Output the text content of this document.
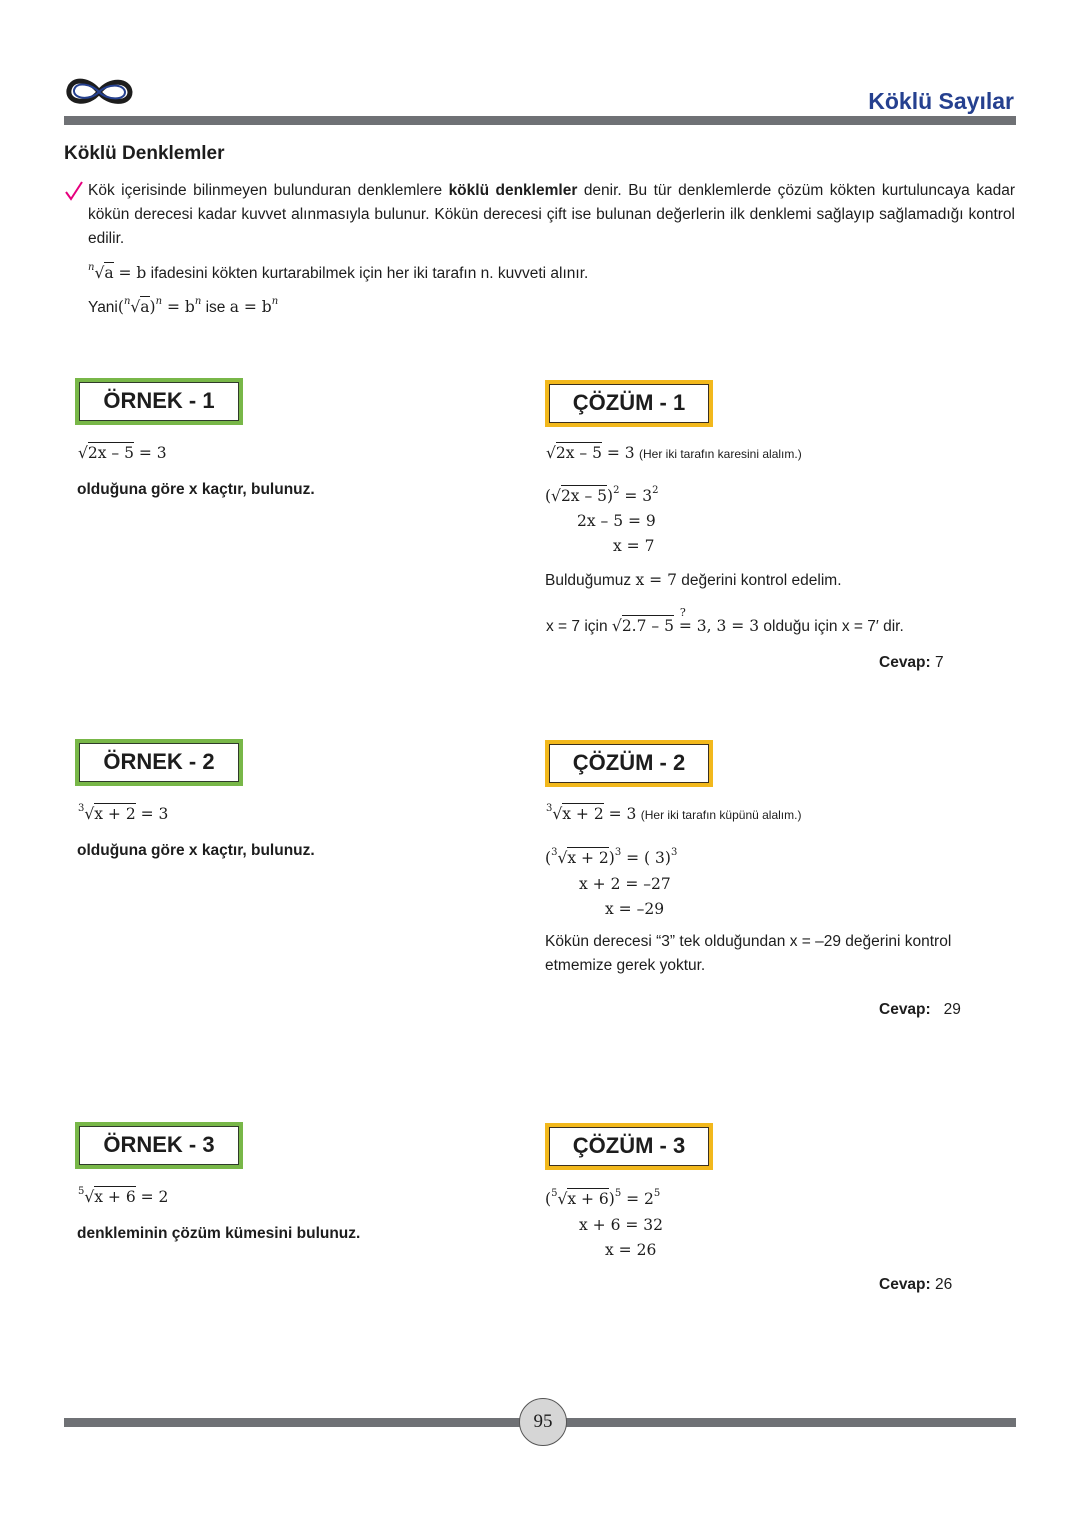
Köklü Sayılar
Köklü Denklemler
Kök içerisinde bilinmeyen bulunduran denklemlere köklü denklemler denir. Bu tür denklemlerde çözüm kökten kurtuluncaya kadar kökün derecesi kadar kuvvet alınmasıyla bulunur. Kökün derecesi çift ise bulunan değerlerin ilk denklemi sağlayıp sağlamadığı kontrol edilir.
$^n$√a = b ifadesini kökten kurtarabilmek için her iki tarafın n. kuvveti alınır.
$Yani(^n√a)^n = b^n$ ise $a = b^n$
ÖRNEK - 1
√2x – 5 = 3
olduğuna göre x kaçtır, bulunuz.
ÇÖZÜM - 1
√2x – 5 = 3 (Her iki tarafın karesini alalım.)
$(√2x - 5)^2 = 3^2$
2x – 5 = 9
x = 7
Bulduğumuz x = 7 değerini kontrol edelim.
x = 7 için √2.7 – 5 =
?
3, 3 = 3 olduğu için x = 7′ dir.
Cevap: 7
ÖRNEK - 2
$^3$√x + 2 = 3
olduğuna göre x kaçtır, bulunuz.
ÇÖZÜM - 2
$^3$√x + 2 = 3 (Her iki tarafın küpünü alalım.)
$(^3√x + 2)^3$ = ( 3)$^3$
x + 2 = –27
x = –29
Kökün derecesi “3” tek olduğundan x = –29 değerini kontrol etmemize gerek yoktur.
Cevap: 29
ÖRNEK - 3
$^5$√x + 6 = 2
denkleminin çözüm kümesini bulunuz.
ÇÖZÜM - 3
$(^5√x + 6)^5 = 2^5$
x + 6 = 32
x = 26
Cevap: 26
95
